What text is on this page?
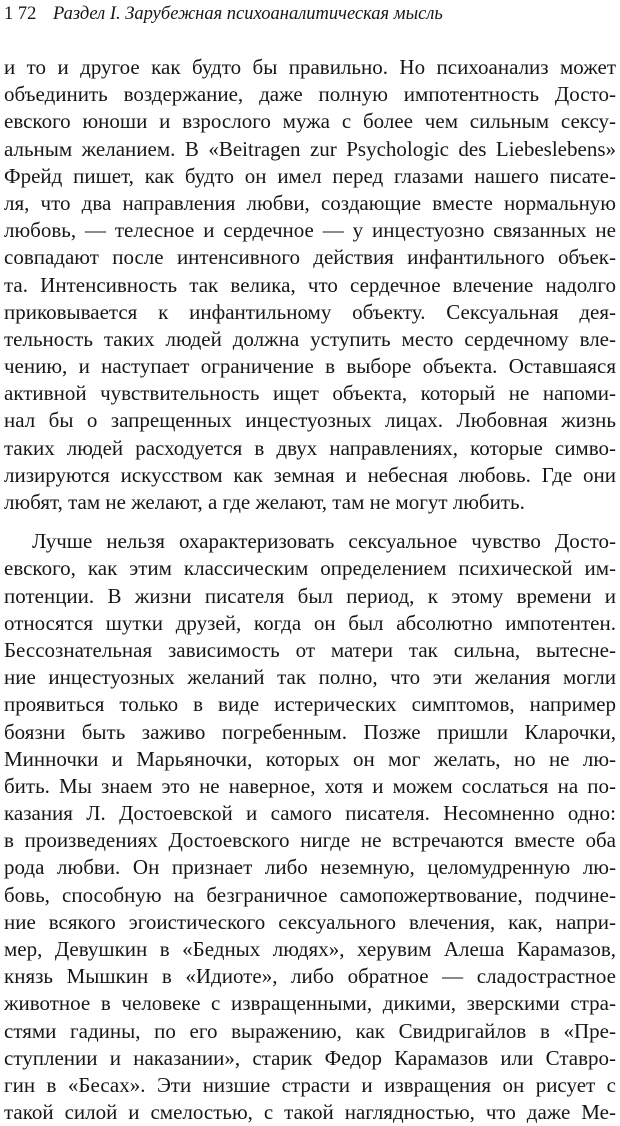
1 72 Раздел I. Зарубежная психоаналитическая мысль
и то и другое как будто бы правильно. Но психоанализ может
объединить воздержание, даже полную импотентность Досто-
евского юноши и взрослого мужа с более чем сильным сексу-
альным желанием. В «Beitragen zur Psychologic des Liebeslebens»
Фрейд пишет, как будто он имел перед глазами нашего писате-
ля, что два направления любви, создающие вместе нормальную
любовь, — телесное и сердечное — у инцестуозно связанных не
совпадают после интенсивного действия инфантильного объек-
та. Интенсивность так велика, что сердечное влечение надолго
приковывается к инфантильному объекту. Сексуальная дея-
тельность таких людей должна уступить место сердечному вле-
чению, и наступает ограничение в выборе объекта. Оставшаяся
активной чувствительность ищет объекта, который не напоми-
нал бы о запрещенных инцестуозных лицах. Любовная жизнь
таких людей расходуется в двух направлениях, которые симво-
лизируются искусством как земная и небесная любовь. Где они
любят, там не желают, а где желают, там не могут любить.
Лучше нельзя охарактеризовать сексуальное чувство Досто-
евского, как этим классическим определением психической им-
потенции. В жизни писателя был период, к этому времени и
относятся шутки друзей, когда он был абсолютно импотентен.
Бессознательная зависимость от матери так сильна, вытесне-
ние инцестуозных желаний так полно, что эти желания могли
проявиться только в виде истерических симптомов, например
боязни быть заживо погребенным. Позже пришли Кларочки,
Минночки и Марьяночки, которых он мог желать, но не лю-
бить. Мы знаем это не наверное, хотя и можем сослаться на по-
казания Л. Достоевской и самого писателя. Несомненно одно:
в произведениях Достоевского нигде не встречаются вместе оба
рода любви. Он признает либо неземную, целомудренную лю-
бовь, способную на безграничное самопожертвование, подчине-
ние всякого эгоистического сексуального влечения, как, напри-
мер, Девушкин в «Бедных людях», херувим Алеша Карамазов,
князь Мышкин в «Идиоте», либо обратное — сладострастное
животное в человеке с извращенными, дикими, зверскими стра-
стями гадины, по его выражению, как Свидригайлов в «Пре-
ступлении и наказании», старик Федор Карамазов или Ставро-
гин в «Бесах». Эти низшие страсти и извращения он рисует с
такой силой и смелостью, с такой наглядностью, что даже Ме-
